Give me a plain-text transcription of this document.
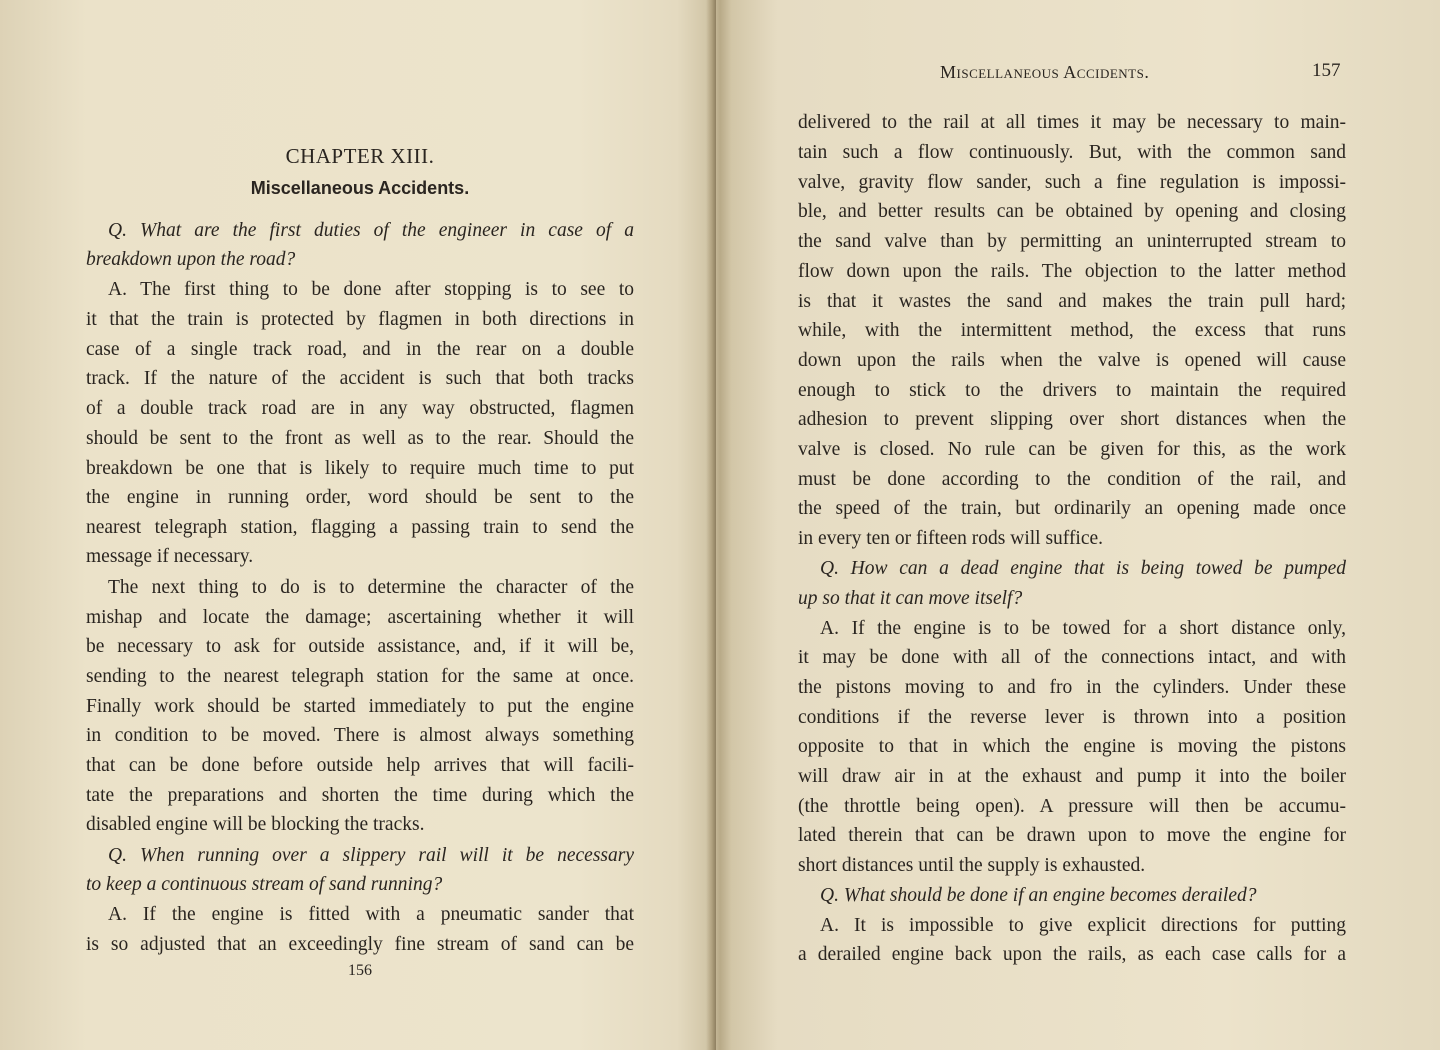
CHAPTER XIII.
Miscellaneous Accidents.
Q. What are the first duties of the engineer in case of a
breakdown upon the road?
A. The first thing to be done after stopping is to see to
it that the train is protected by flagmen in both directions in
case of a single track road, and in the rear on a double
track. If the nature of the accident is such that both tracks
of a double track road are in any way obstructed, flagmen
should be sent to the front as well as to the rear. Should the
breakdown be one that is likely to require much time to put
the engine in running order, word should be sent to the
nearest telegraph station, flagging a passing train to send the
message if necessary.
The next thing to do is to determine the character of the
mishap and locate the damage; ascertaining whether it will
be necessary to ask for outside assistance, and, if it will be,
sending to the nearest telegraph station for the same at once.
Finally work should be started immediately to put the engine
in condition to be moved. There is almost always something
that can be done before outside help arrives that will facili-
tate the preparations and shorten the time during which the
disabled engine will be blocking the tracks.
Q. When running over a slippery rail will it be necessary
to keep a continuous stream of sand running?
A. If the engine is fitted with a pneumatic sander that
is so adjusted that an exceedingly fine stream of sand can be
156
Miscellaneous Accidents.	157
delivered to the rail at all times it may be necessary to main-
tain such a flow continuously. But, with the common sand
valve, gravity flow sander, such a fine regulation is impossi-
ble, and better results can be obtained by opening and closing
the sand valve than by permitting an uninterrupted stream to
flow down upon the rails. The objection to the latter method
is that it wastes the sand and makes the train pull hard;
while, with the intermittent method, the excess that runs
down upon the rails when the valve is opened will cause
enough to stick to the drivers to maintain the required
adhesion to prevent slipping over short distances when the
valve is closed. No rule can be given for this, as the work
must be done according to the condition of the rail, and
the speed of the train, but ordinarily an opening made once
in every ten or fifteen rods will suffice.
Q. How can a dead engine that is being towed be pumped
up so that it can move itself?
A. If the engine is to be towed for a short distance only,
it may be done with all of the connections intact, and with
the pistons moving to and fro in the cylinders. Under these
conditions if the reverse lever is thrown into a position
opposite to that in which the engine is moving the pistons
will draw air in at the exhaust and pump it into the boiler
(the throttle being open). A pressure will then be accumu-
lated therein that can be drawn upon to move the engine for
short distances until the supply is exhausted.
Q. What should be done if an engine becomes derailed?
A. It is impossible to give explicit directions for putting
a derailed engine back upon the rails, as each case calls for a
